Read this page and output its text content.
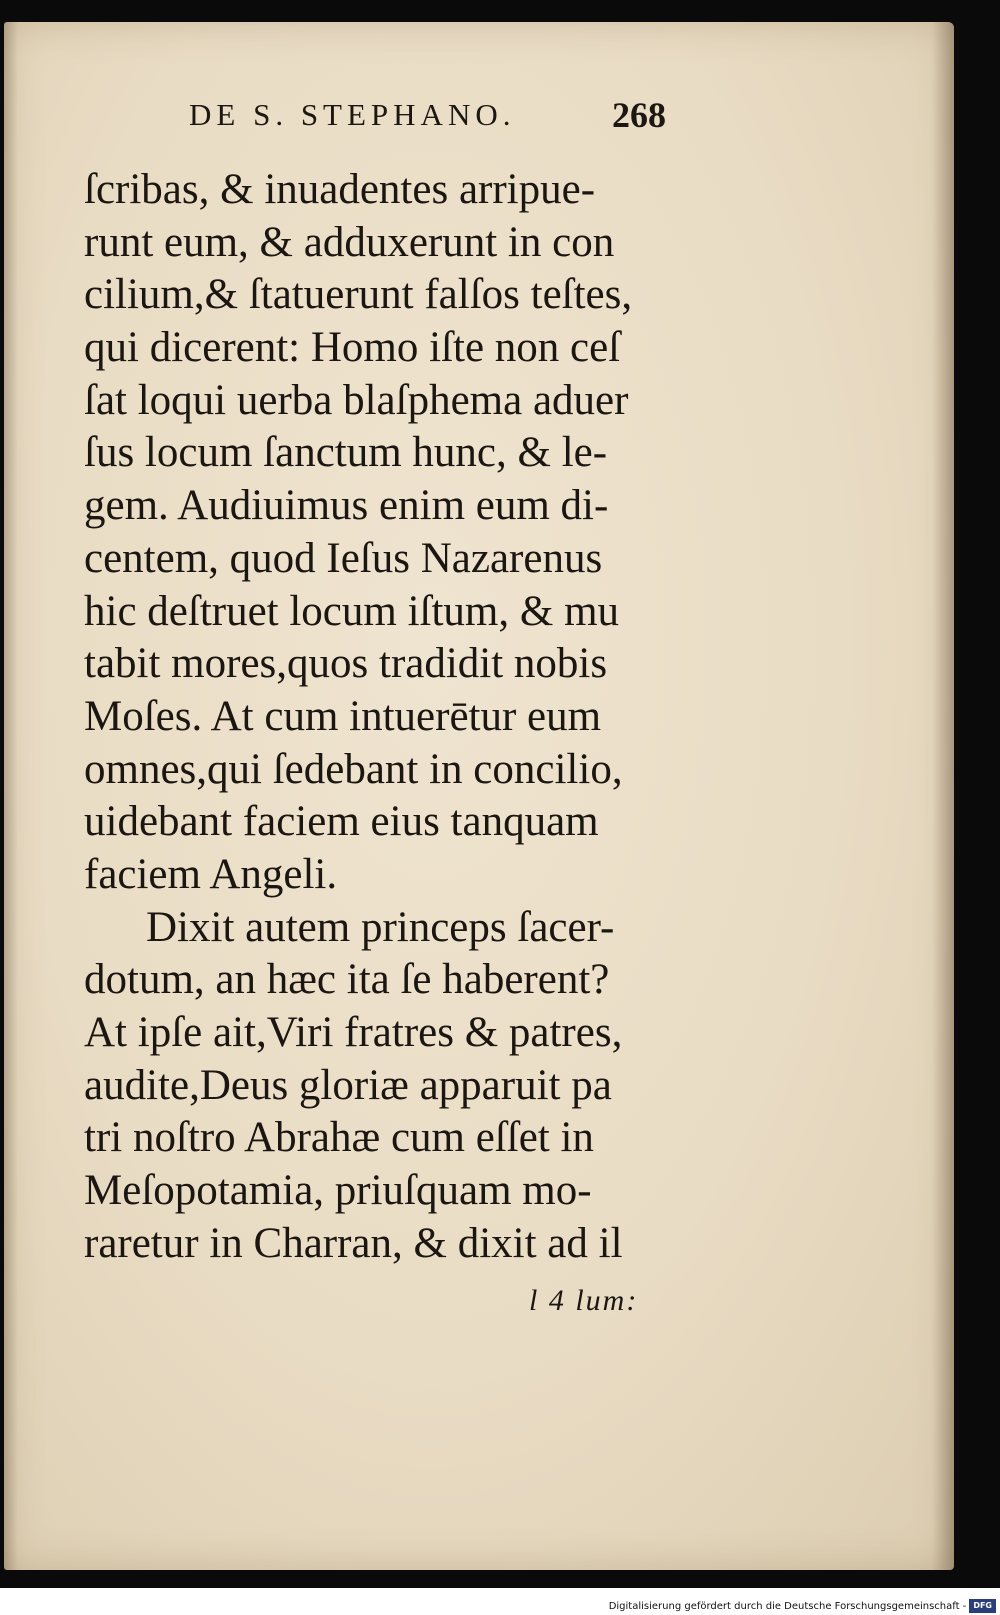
DE S. STEPHANO.	268
ſcribas, & inuadentes arripue-
runt eum, & adduxerunt in con
cilium,& ſtatuerunt falſos teſtes,
qui dicerent: Homo iſte non ceſ
ſat loqui uerba blaſphema aduer
ſus locum ſanctum hunc, & le-
gem. Audiuimus enim eum di-
centem, quod Ieſus Nazarenus
hic deſtruet locum iſtum, & mu
tabit mores,quos tradidit nobis
Moſes. At cum intuerētur eum
omnes,qui ſedebant in concilio,
uidebant faciem eius tanquam
faciem Angeli.
Dixit autem princeps ſacer-
dotum, an hæc ita ſe haberent?
At ipſe ait,Viri fratres & patres,
audite,Deus gloriæ apparuit pa
tri noſtro Abrahæ cum eſſet in
Meſopotamia, priuſquam mo-
raretur in Charran, & dixit ad il
l 4 lum:
Digitalisierung gefördert durch die Deutsche Forschungsgemeinschaft - DFG
